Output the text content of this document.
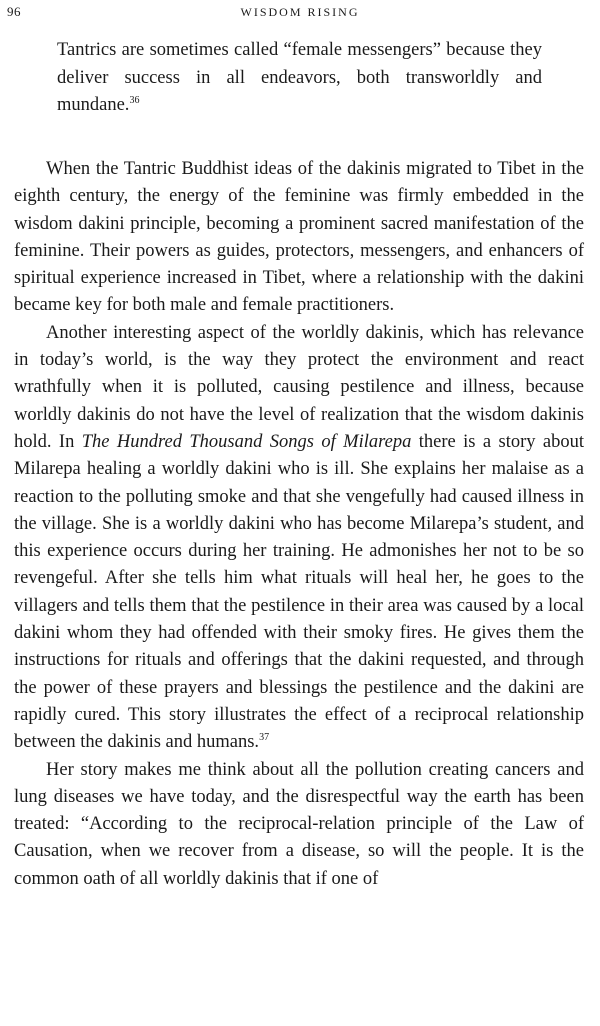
96	WISDOM RISING
Tantrics are sometimes called “female messengers” because they deliver success in all endeavors, both transworldly and mundane.$^{36}$

When the Tantric Buddhist ideas of the dakinis migrated to Tibet in the eighth century, the energy of the feminine was firmly embedded in the wisdom dakini principle, becoming a prominent sacred manifestation of the feminine. Their powers as guides, protectors, messengers, and enhancers of spiritual experience increased in Tibet, where a relationship with the dakini became key for both male and female practitioners.

Another interesting aspect of the worldly dakinis, which has relevance in today’s world, is the way they protect the environment and react wrathfully when it is polluted, causing pestilence and illness, because worldly dakinis do not have the level of realization that the wisdom dakinis hold. In The Hundred Thousand Songs of Milarepa there is a story about Milarepa healing a worldly dakini who is ill. She explains her malaise as a reaction to the polluting smoke and that she vengefully had caused illness in the village. She is a worldly dakini who has become Milarepa’s student, and this experience occurs during her training. He admonishes her not to be so revengeful. After she tells him what rituals will heal her, he goes to the villagers and tells them that the pestilence in their area was caused by a local dakini whom they had offended with their smoky fires. He gives them the instructions for rituals and offerings that the dakini requested, and through the power of these prayers and blessings the pestilence and the dakini are rapidly cured. This story illustrates the effect of a reciprocal relationship between the dakinis and humans.$^{37}$

Her story makes me think about all the pollution creating cancers and lung diseases we have today, and the disrespectful way the earth has been treated: “According to the reciprocal-relation principle of the Law of Causation, when we recover from a disease, so will the people. It is the common oath of all worldly dakinis that if one of
